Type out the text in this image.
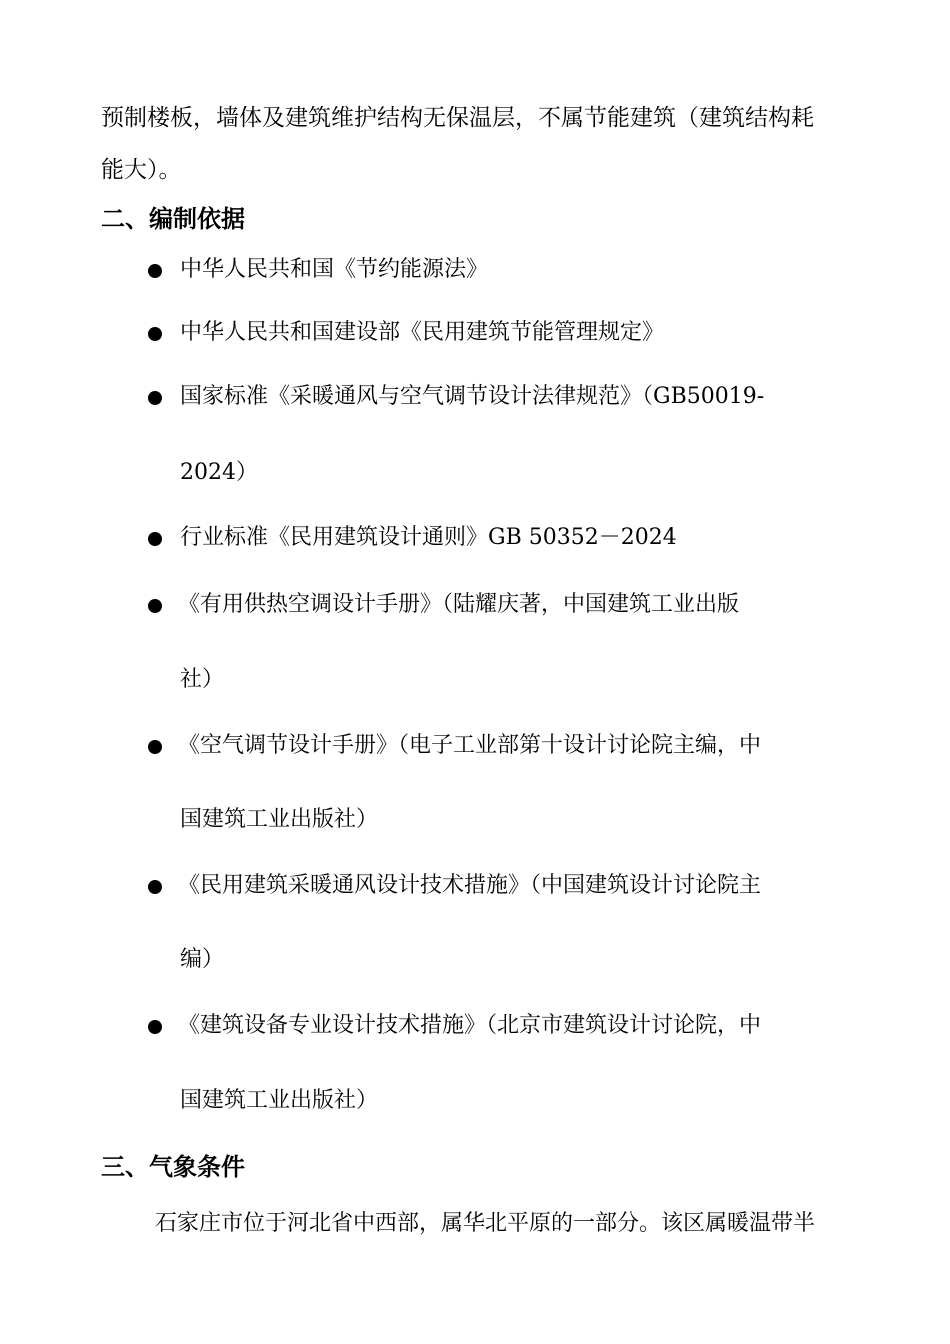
预制楼板，墙体及建筑维护结构无保温层，不属节能建筑（建筑结构耗

能大）。

二、编制依据
中华人民共和国《节约能源法》
中华人民共和国建设部《民用建筑节能管理规定》
国家标准《采暖通风与空气调节设计法律规范》（GB50019-
2024）
行业标准《民用建筑设计通则》GB 50352－2024
《有用供热空调设计手册》（陆耀庆著，中国建筑工业出版
社）
《空气调节设计手册》（电子工业部第十设计讨论院主编，中
国建筑工业出版社）
《民用建筑采暖通风设计技术措施》（中国建筑设计讨论院主
编）
《建筑设备专业设计技术措施》（北京市建筑设计讨论院，中
国建筑工业出版社）
三、气象条件
石家庄市位于河北省中西部，属华北平原的一部分。该区属暖温带半
